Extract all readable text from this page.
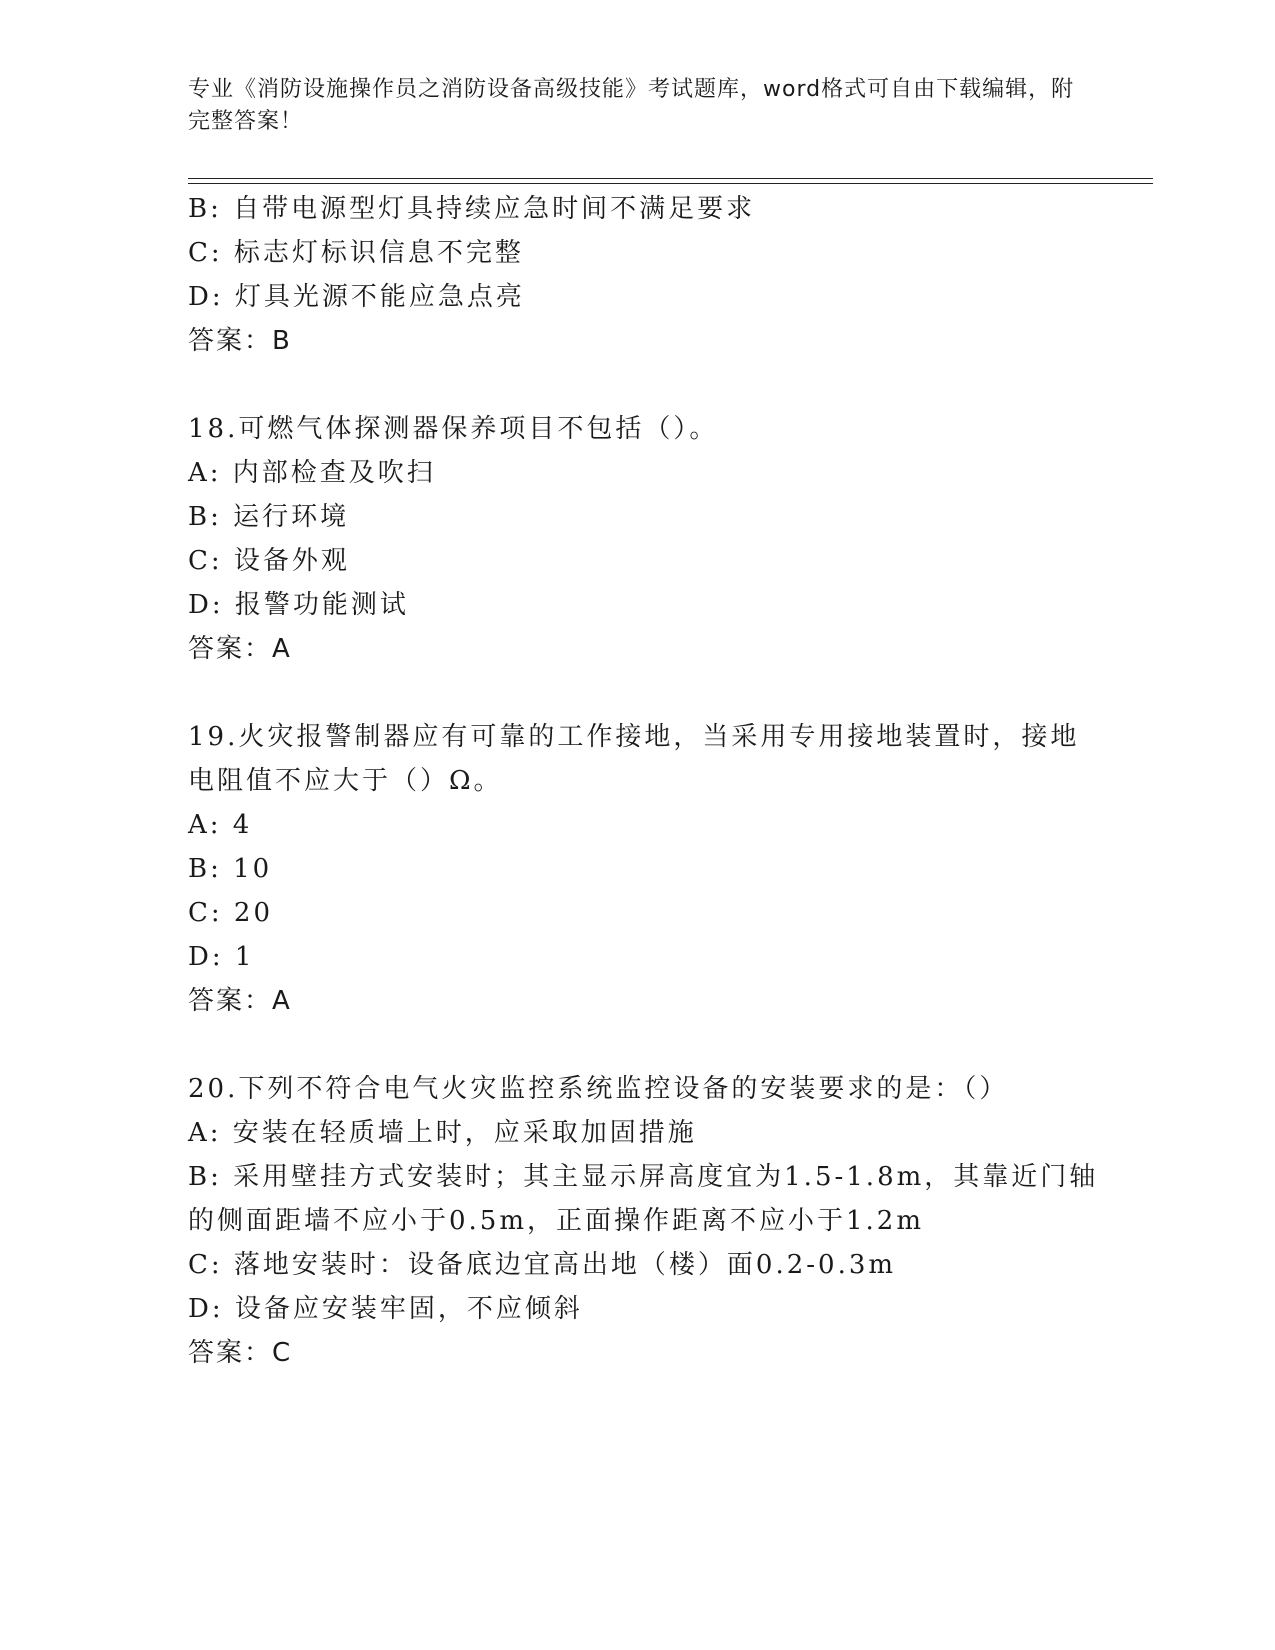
专业《消防设施操作员之消防设备高级技能》考试题库，word格式可自由下载编辑，附完整答案！
B: 自带电源型灯具持续应急时间不满足要求
C: 标志灯标识信息不完整
D: 灯具光源不能应急点亮
答案：B
18.可燃气体探测器保养项目不包括（）。
A: 内部检查及吹扫
B: 运行环境
C: 设备外观
D: 报警功能测试
答案：A
19.火灾报警制器应有可靠的工作接地，当采用专用接地装置时，接地
电阻值不应大于（）Ω。
A: 4
B: 10
C: 20
D: 1
答案：A
20.下列不符合电气火灾监控系统监控设备的安装要求的是：（）
A: 安装在轻质墙上时，应采取加固措施
B: 采用壁挂方式安装时；其主显示屏高度宜为1.5-1.8m，其靠近门轴
的侧面距墙不应小于0.5m，正面操作距离不应小于1.2m
C: 落地安装时：设备底边宜高出地（楼）面0.2-0.3m
D: 设备应安装牢固，不应倾斜
答案：C
